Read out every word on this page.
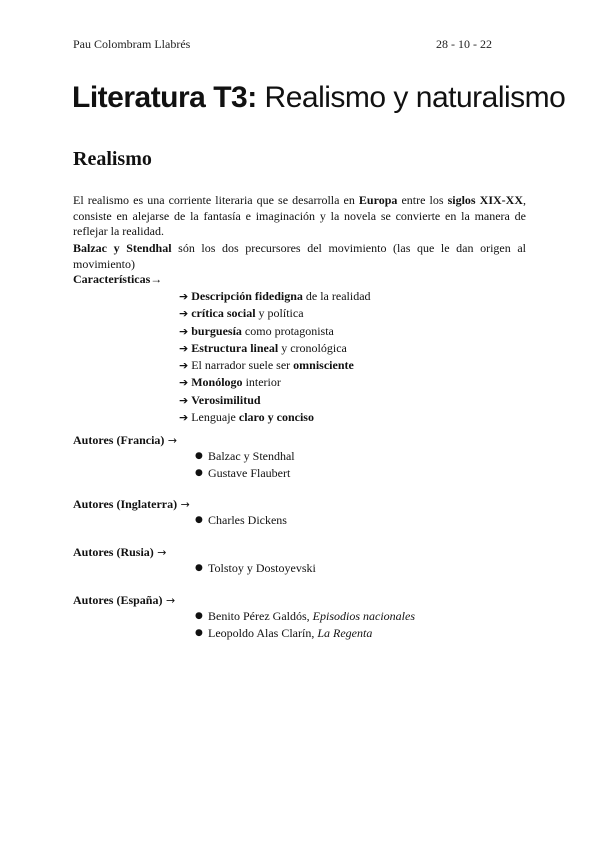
Pau Colombram Llabrés	28 - 10 - 22
Literatura T3: Realismo y naturalismo
Realismo
El realismo es una corriente literaria que se desarrolla en Europa entre los siglos XIX-XX, consiste en alejarse de la fantasía e imaginación y la novela se convierte en la manera de reflejar la realidad.
Balzac y Stendhal són los dos precursores del movimiento (las que le dan origen al movimiento)
Características→
➔ Descripción fidedigna de la realidad
➔ crítica social y política
➔ burguesía como protagonista
➔ Estructura lineal y cronológica
➔ El narrador suele ser omnisciente
➔ Monólogo interior
➔ Verosimilitud
➔ Lenguaje claro y conciso
Autores (Francia) →
● Balzac y Stendhal
● Gustave Flaubert
Autores (Inglaterra) →
● Charles Dickens
Autores (Rusia) →
● Tolstoy y Dostoyevski
Autores (España) →
● Benito Pérez Galdós, Episodios nacionales
● Leopoldo Alas Clarín, La Regenta
